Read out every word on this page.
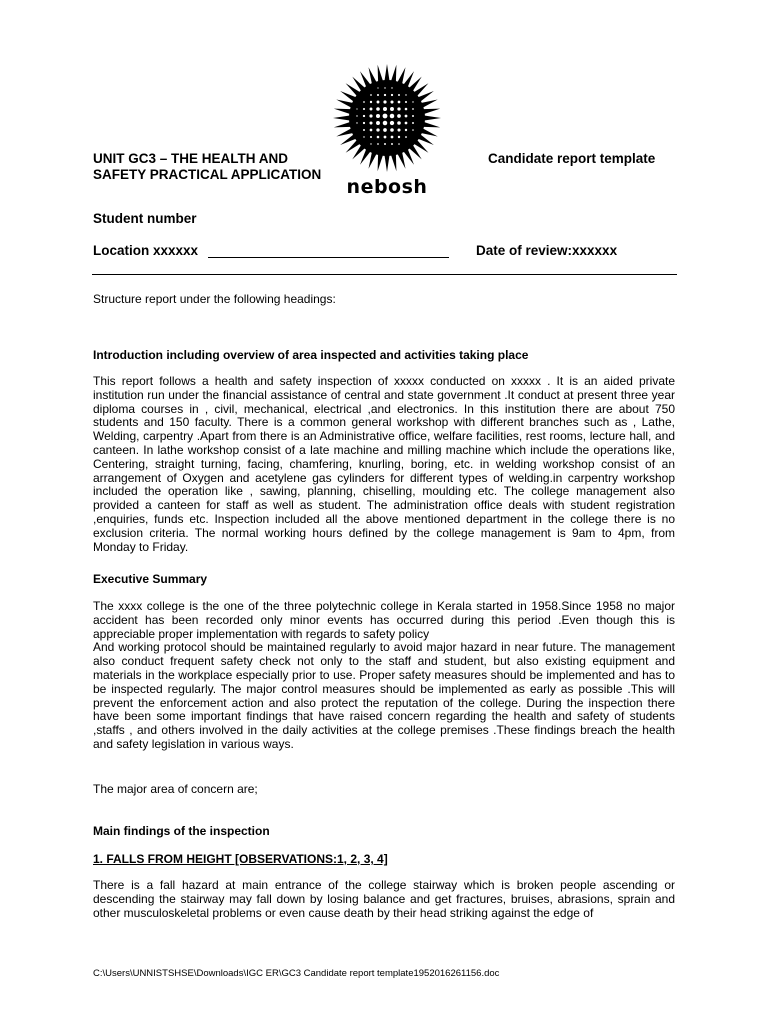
nebosh
UNIT GC3 – THE HEALTH AND
SAFETY PRACTICAL APPLICATION
Candidate report template
Student number
Location xxxxxx	Date of review:xxxxxx
Structure report under the following headings:
Introduction including overview of area inspected and activities taking place

This report follows a health and safety inspection of xxxxx conducted on xxxxx . It is an aided private institution run under the financial assistance of central and state government .It conduct at present three year diploma courses in , civil, mechanical, electrical ,and electronics. In this institution there are about 750 students and 150 faculty. There is a common general workshop with different branches such as , Lathe, Welding, carpentry .Apart from there is an Administrative office, welfare facilities, rest rooms, lecture hall, and canteen. In lathe workshop consist of a late machine and milling machine which include the operations like, Centering, straight turning, facing, chamfering, knurling, boring, etc. in welding workshop consist of an arrangement of Oxygen and acetylene gas cylinders for different types of welding.in carpentry workshop included the operation like , sawing, planning, chiselling, moulding etc. The college management also provided a canteen for staff as well as student. The administration office deals with student registration ,enquiries, funds etc. Inspection included all the above mentioned department in the college there is no exclusion criteria. The normal working hours defined by the college management is 9am to 4pm, from Monday to Friday.

Executive Summary

The xxxx college is the one of the three polytechnic college in Kerala started in 1958.Since 1958 no major accident has been recorded only minor events has occurred during this period .Even though this is appreciable proper implementation with regards to safety policy

And working protocol should be maintained regularly to avoid major hazard in near future. The management also conduct frequent safety check not only to the staff and student, but also existing equipment and materials in the workplace especially prior to use. Proper safety measures should be implemented and has to be inspected regularly. The major control measures should be implemented as early as possible .This will prevent the enforcement action and also protect the reputation of the college. During the inspection there have been some important findings that have raised concern regarding the health and safety of students ,staffs , and others involved in the daily activities at the college premises .These findings breach the health and safety legislation in various ways.

The major area of concern are;
Main findings of the inspection
1. FALLS FROM HEIGHT [OBSERVATIONS:1, 2, 3, 4]

There is a fall hazard at main entrance of the college stairway which is broken people ascending or descending the stairway may fall down by losing balance and get fractures, bruises, abrasions, sprain and other musculoskeletal problems or even cause death by their head striking against the edge of

C:\Users\UNNISTSHSE\Downloads\IGC ER\GC3 Candidate report template1952016261156.doc
